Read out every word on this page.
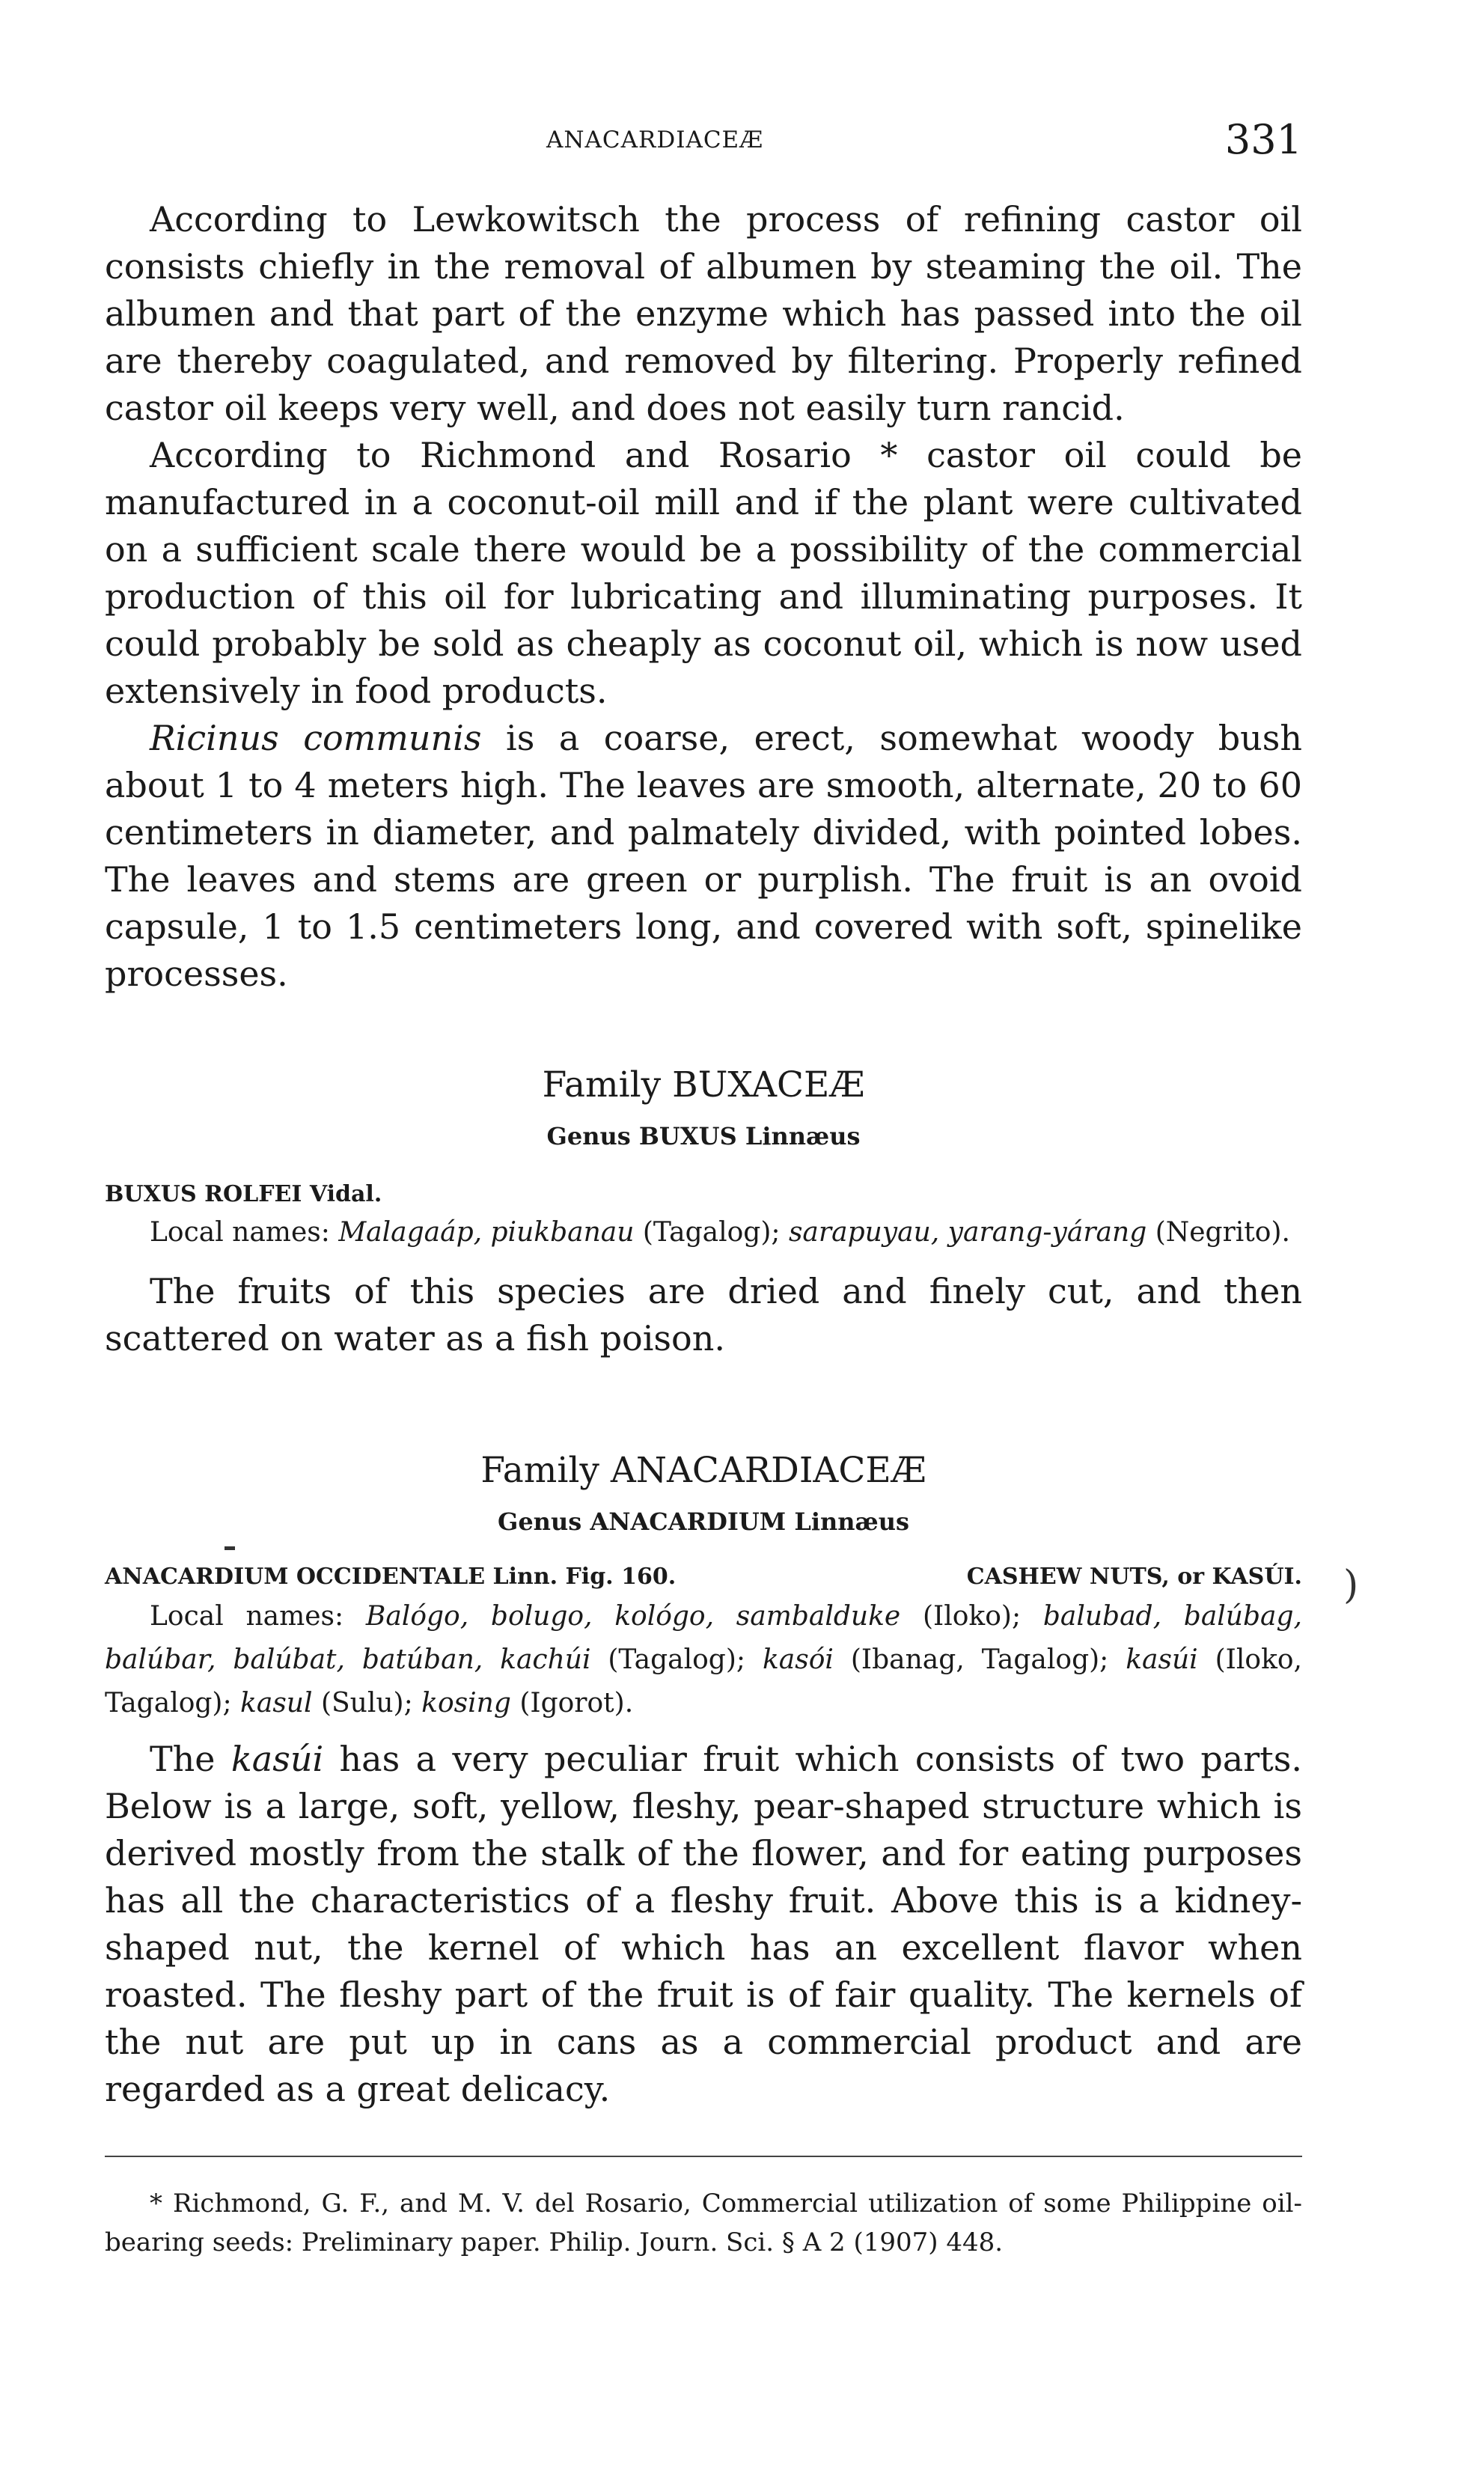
ANACARDIACEÆ	331

According to Lewkowitsch the process of refining castor oil consists chiefly in the removal of albumen by steaming the oil. The albumen and that part of the enzyme which has passed into the oil are thereby coagulated, and removed by filtering. Properly refined castor oil keeps very well, and does not easily turn rancid.

According to Richmond and Rosario * castor oil could be manufactured in a coconut-oil mill and if the plant were cultivated on a sufficient scale there would be a possibility of the commercial production of this oil for lubricating and illuminating purposes. It could probably be sold as cheaply as coconut oil, which is now used extensively in food products.

Ricinus communis is a coarse, erect, somewhat woody bush about 1 to 4 meters high. The leaves are smooth, alternate, 20 to 60 centimeters in diameter, and palmately divided, with pointed lobes. The leaves and stems are green or purplish. The fruit is an ovoid capsule, 1 to 1.5 centimeters long, and covered with soft, spinelike processes.

Family BUXACEÆ
Genus BUXUS Linnæus
BUXUS ROLFEI Vidal.

Local names: Malagaáp, piukbanau (Tagalog); sarapuyau, yarang-yárang (Negrito).

The fruits of this species are dried and finely cut, and then scattered on water as a fish poison.

Family ANACARDIACEÆ
Genus ANACARDIUM Linnæus
ANACARDIUM OCCIDENTALE Linn. Fig. 160.	CASHEW NUTS, or KASÚI.

Local names: Balógo, bolugo, kológo, sambalduke (Iloko); balubad, balúbag, balúbar, balúbat, batúban, kachúi (Tagalog); kasói (Ibanag, Tagalog); kasúi (Iloko, Tagalog); kasul (Sulu); kosing (Igorot).

The kasúi has a very peculiar fruit which consists of two parts. Below is a large, soft, yellow, fleshy, pear-shaped structure which is derived mostly from the stalk of the flower, and for eating purposes has all the characteristics of a fleshy fruit. Above this is a kidney-shaped nut, the kernel of which has an excellent flavor when roasted. The fleshy part of the fruit is of fair quality. The kernels of the nut are put up in cans as a commercial product and are regarded as a great delicacy.

)

* Richmond, G. F., and M. V. del Rosario, Commercial utilization of some Philippine oil-bearing seeds: Preliminary paper. Philip. Journ. Sci. § A 2 (1907) 448.
